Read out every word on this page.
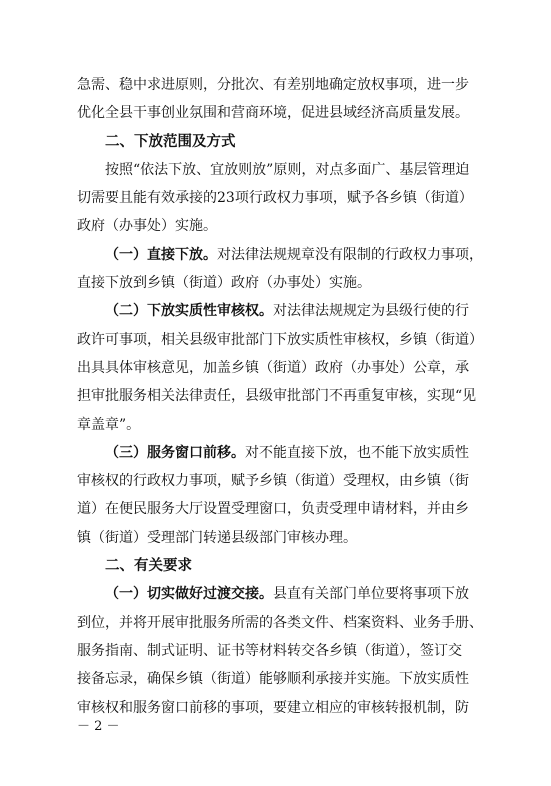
急需、稳中求进原则，分批次、有差别地确定放权事项，进一步
优化全县干事创业氛围和营商环境，促进县域经济高质量发展。
二、下放范围及方式
按照“依法下放、宜放则放”原则，对点多面广、基层管理迫
切需要且能有效承接的23项行政权力事项，赋予各乡镇（街道）
政府（办事处）实施。
（一）直接下放。对法律法规规章没有限制的行政权力事项，
直接下放到乡镇（街道）政府（办事处）实施。
（二）下放实质性审核权。对法律法规规定为县级行使的行
政许可事项，相关县级审批部门下放实质性审核权，乡镇（街道）
出具具体审核意见，加盖乡镇（街道）政府（办事处）公章，承
担审批服务相关法律责任，县级审批部门不再重复审核，实现“见
章盖章”。
（三）服务窗口前移。对不能直接下放，也不能下放实质性
审核权的行政权力事项，赋予乡镇（街道）受理权，由乡镇（街
道）在便民服务大厅设置受理窗口，负责受理申请材料，并由乡
镇（街道）受理部门转递县级部门审核办理。
二、有关要求
（一）切实做好过渡交接。县直有关部门单位要将事项下放
到位，并将开展审批服务所需的各类文件、档案资料、业务手册、
服务指南、制式证明、证书等材料转交各乡镇（街道），签订交
接备忘录，确保乡镇（街道）能够顺利承接并实施。下放实质性
审核权和服务窗口前移的事项，要建立相应的审核转报机制，防
－ 2 －
